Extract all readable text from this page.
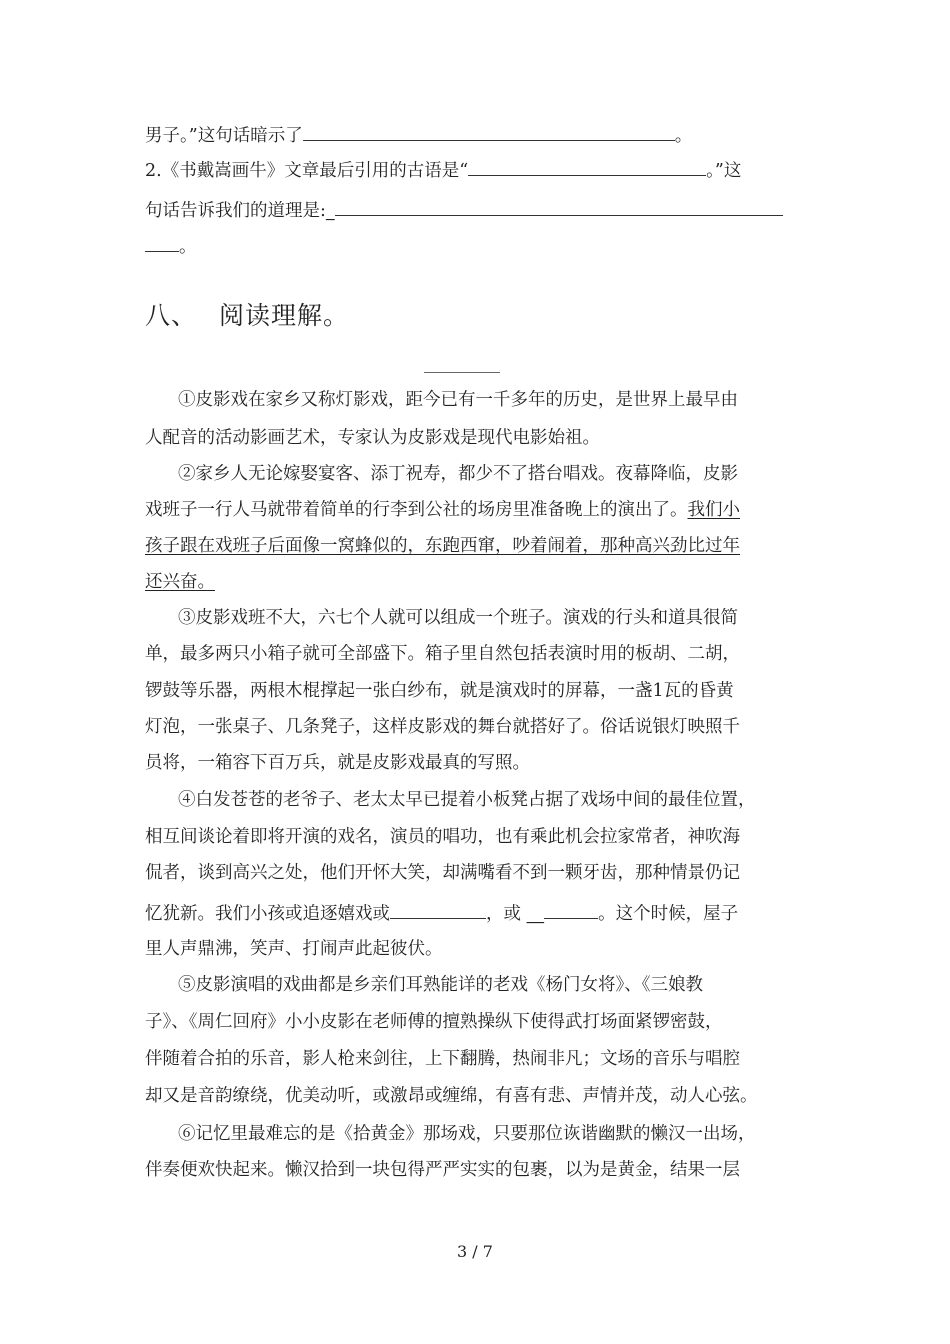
男子。”这句话暗示了	。
2.《书戴嵩画牛》文章最后引用的古语是“	。”这
句话告诉我们的道理是:_
。
八、 阅读理解。
①皮影戏在家乡又称灯影戏，距今已有一千多年的历史，是世界上最早由
人配音的活动影画艺术，专家认为皮影戏是现代电影始祖。
②家乡人无论嫁娶宴客、添丁祝寿，都少不了搭台唱戏。夜幕降临，皮影
戏班子一行人马就带着简单的行李到公社的场房里准备晚上的演出了。我们小
孩子跟在戏班子后面像一窝蜂似的，东跑西窜，吵着闹着，那种高兴劲比过年
还兴奋。
③皮影戏班不大，六七个人就可以组成一个班子。演戏的行头和道具很简
单，最多两只小箱子就可全部盛下。箱子里自然包括表演时用的板胡、二胡，
锣鼓等乐器，两根木棍撑起一张白纱布，就是演戏时的屏幕，一盏1瓦的昏黄
灯泡，一张桌子、几条凳子，这样皮影戏的舞台就搭好了。俗话说银灯映照千
员将，一箱容下百万兵，就是皮影戏最真的写照。
④白发苍苍的老爷子、老太太早已提着小板凳占据了戏场中间的最佳位置，
相互间谈论着即将开演的戏名，演员的唱功，也有乘此机会拉家常者，神吹海
侃者，谈到高兴之处，他们开怀大笑，却满嘴看不到一颗牙齿，那种情景仍记
忆犹新。我们小孩或追逐嬉戏或	，或 __	。这个时候，屋子
里人声鼎沸，笑声、打闹声此起彼伏。
⑤皮影演唱的戏曲都是乡亲们耳熟能详的老戏《杨门女将》、《三娘教
子》、《周仁回府》小小皮影在老师傅的擅熟操纵下使得武打场面紧锣密鼓，
伴随着合拍的乐音，影人枪来剑往，上下翻腾，热闹非凡；文场的音乐与唱腔
却又是音韵缭绕，优美动听，或激昂或缠绵，有喜有悲、声情并茂，动人心弦。
⑥记忆里最难忘的是《拾黄金》那场戏，只要那位诙谐幽默的懒汉一出场，
伴奏便欢快起来。懒汉拾到一块包得严严实实的包裹，以为是黄金，结果一层
3 / 7
